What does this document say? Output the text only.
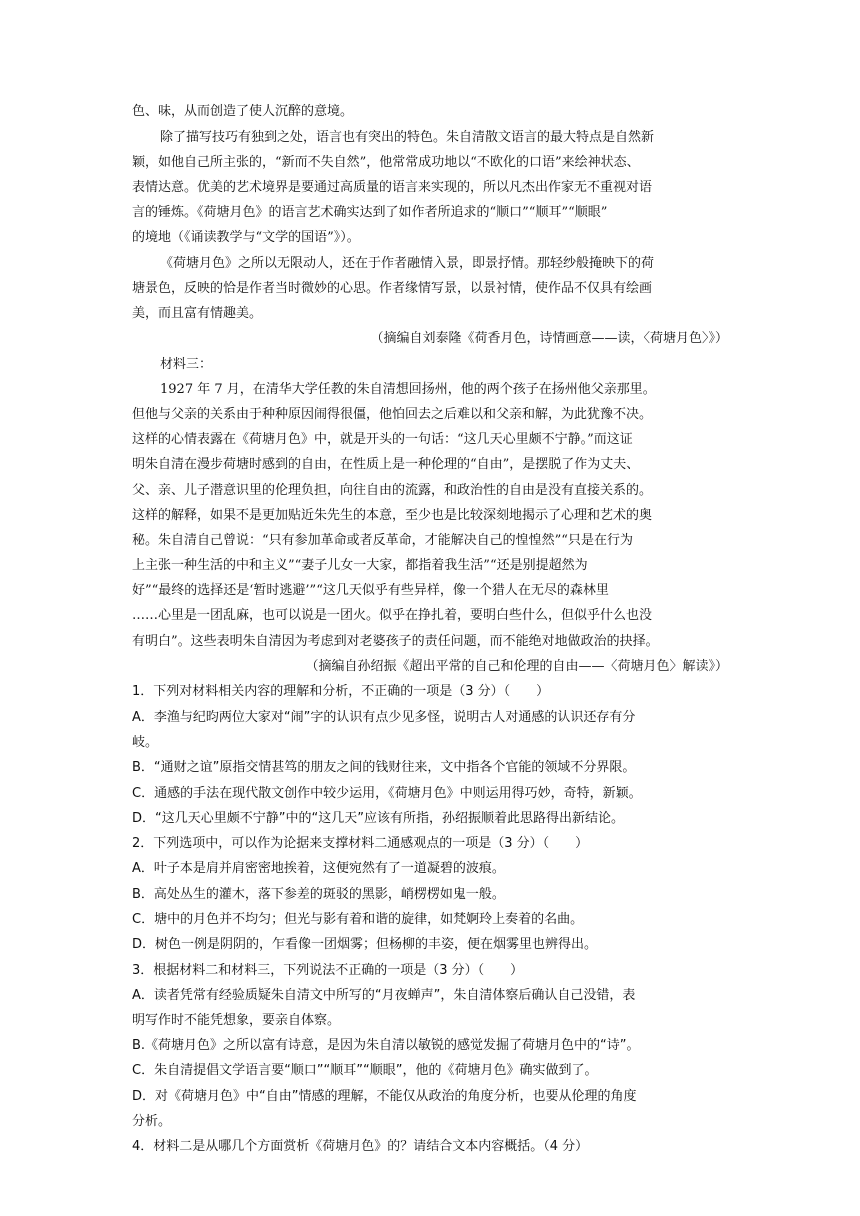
色、味，从而创造了使人沉醉的意境。
除了描写技巧有独到之处，语言也有突出的特色。朱自清散文语言的最大特点是自然新
颖，如他自己所主张的，“新而不失自然”，他常常成功地以“不欧化的口语”来绘神状态、
表情达意。优美的艺术境界是要通过高质量的语言来实现的，所以凡杰出作家无不重视对语
言的锤炼。《荷塘月色》的语言艺术确实达到了如作者所追求的“顺口”“顺耳”“顺眼”
的境地（《诵读教学与“文学的国语”》）。
《荷塘月色》之所以无限动人，还在于作者融情入景，即景抒情。那轻纱般掩映下的荷
塘景色，反映的恰是作者当时微妙的心思。作者缘情写景，以景衬情，使作品不仅具有绘画
美，而且富有情趣美。
（摘编自刘泰隆《荷香月色，诗情画意——读，〈荷塘月色〉》）
材料三：
1927 年 7 月，在清华大学任教的朱自清想回扬州，他的两个孩子在扬州他父亲那里。
但他与父亲的关系由于种种原因闹得很僵，他怕回去之后难以和父亲和解，为此犹豫不决。
这样的心情表露在《荷塘月色》中，就是开头的一句话：“这几天心里颇不宁静。”而这证
明朱自清在漫步荷塘时感到的自由，在性质上是一种伦理的“自由”，是摆脱了作为丈夫、
父、亲、儿子潜意识里的伦理负担，向往自由的流露，和政治性的自由是没有直接关系的。
这样的解释，如果不是更加贴近朱先生的本意，至少也是比较深刻地揭示了心理和艺术的奥
秘。朱自清自己曾说：“只有参加革命或者反革命，才能解决自己的惶惶然”“只是在行为
上主张一种生活的中和主义”“妻子儿女一大家，都指着我生活”“还是别提超然为
好”“最终的选择还是‘暂时逃避’”“这几天似乎有些异样，像一个猎人在无尽的森林里
……心里是一团乱麻，也可以说是一团火。似乎在挣扎着，要明白些什么，但似乎什么也没
有明白”。这些表明朱自清因为考虑到对老婆孩子的责任问题，而不能绝对地做政治的抉择。
（摘编自孙绍振《超出平常的自己和伦理的自由——〈荷塘月色〉解读》）
1．下列对材料相关内容的理解和分析，不正确的一项是（3 分）（　　）
A．李渔与纪昀两位大家对“闹”字的认识有点少见多怪，说明古人对通感的认识还存有分
岐。
B．“通财之谊”原指交情甚笃的朋友之间的钱财往来，文中指各个官能的领域不分界限。
C．通感的手法在现代散文创作中较少运用，《荷塘月色》中则运用得巧妙，奇特，新颖。
D．“这几天心里颇不宁静”中的“这几天”应该有所指，孙绍振顺着此思路得出新结论。
2．下列选项中，可以作为论据来支撑材料二通感观点的一项是（3 分）（　　）
A．叶子本是肩并肩密密地挨着，这便宛然有了一道凝碧的波痕。
B．高处丛生的灌木，落下参差的斑驳的黑影，峭楞楞如鬼一般。
C．塘中的月色并不均匀；但光与影有着和谐的旋律，如梵婀玲上奏着的名曲。
D．树色一例是阴阴的，乍看像一团烟雾；但杨柳的丰姿，便在烟雾里也辨得出。
3．根据材料二和材料三，下列说法不正确的一项是（3 分）（　　）
A．读者凭常有经验质疑朱自清文中所写的“月夜蝉声”，朱自清体察后确认自己没错，表
明写作时不能凭想象，要亲自体察。
B.《荷塘月色》之所以富有诗意，是因为朱自清以敏锐的感觉发掘了荷塘月色中的“诗”。
C．朱自清提倡文学语言要“顺口”“顺耳”“顺眼”，他的《荷塘月色》确实做到了。
D．对《荷塘月色》中“自由”情感的理解，不能仅从政治的角度分析，也要从伦理的角度
分析。
4．材料二是从哪几个方面赏析《荷塘月色》的？请结合文本内容概括。（4 分）
